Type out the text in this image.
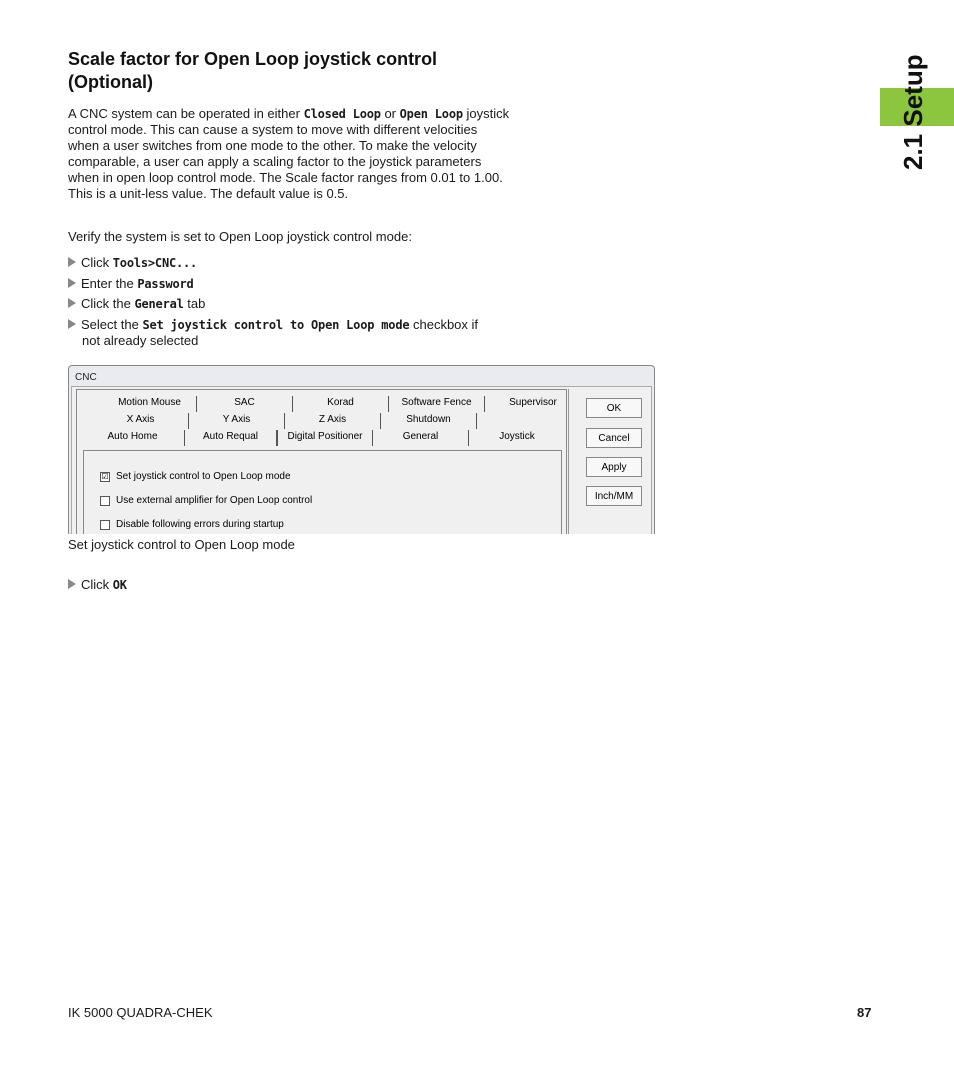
2.1 Setup
Scale factor for Open Loop joystick control
(Optional)
A CNC system can be operated in either Closed Loop or Open Loop joystick control mode. This can cause a system to move with different velocities when a user switches from one mode to the other. To make the velocity comparable, a user can apply a scaling factor to the joystick parameters when in open loop control mode. The Scale factor ranges from 0.01 to 1.00. This is a unit-less value. The default value is 0.5.
Verify the system is set to Open Loop joystick control mode:
Click Tools>CNC...
Enter the Password
Click the General tab
Select the Set joystick control to Open Loop mode checkbox if
not already selected
CNC
Motion Mouse	SAC	Korad	Software Fence	Supervisor
X Axis	Y Axis	Z Axis	Shutdown
Auto Home	Auto Requal	Digital Positioner	General	Joystick
☑ Set joystick control to Open Loop mode
Use external amplifier for Open Loop control
Disable following errors during startup
OK
Cancel
Apply
Inch/MM
Set joystick control to Open Loop mode
Click OK
IK 5000 QUADRA-CHEK	87
